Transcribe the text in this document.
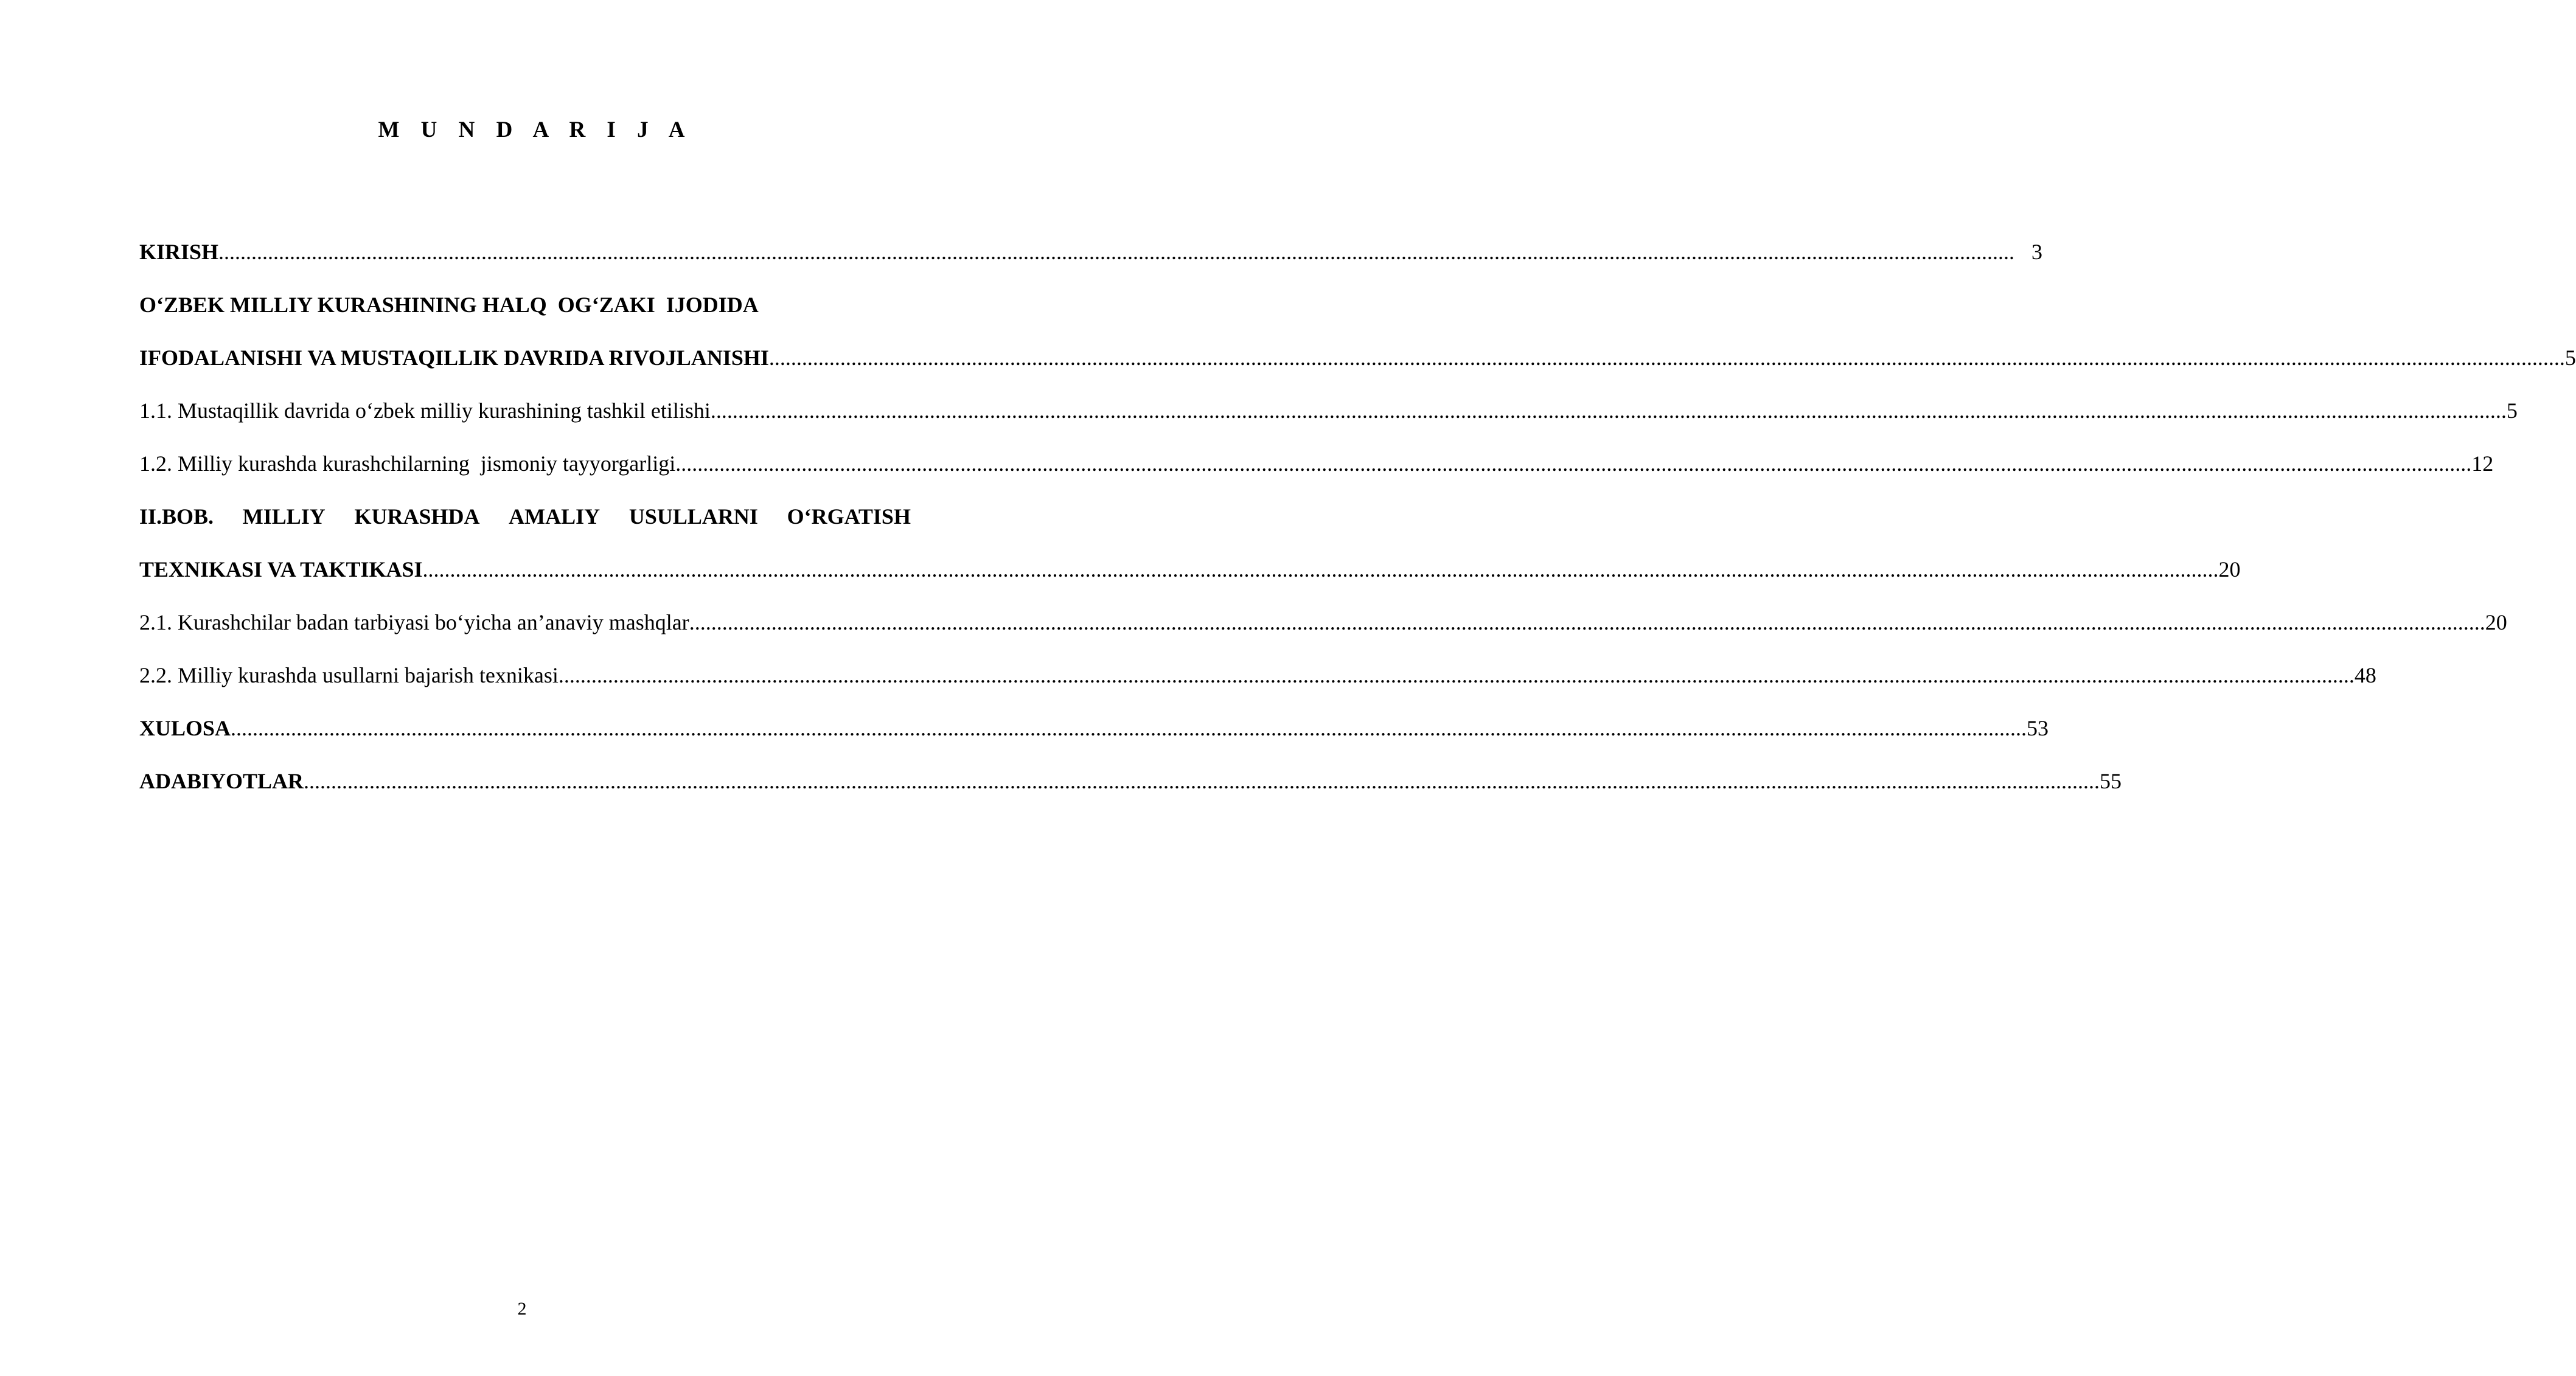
M U N D A R I J A
KIRISH ........................................................................................................................................................................................................................................................................................................................................ 3
O‘ZBEK MILLIY KURASHINING HALQ  OG‘ZAKI  IJODIDA
IFODALANISHI VA MUSTAQILLIK DAVRIDA RIVOJLANISHI ........................................................................................................................................................................................................................................................................................................................................ 5
1.1. Mustaqillik davrida o‘zbek milliy kurashining tashkil etilishi ........................................................................................................................................................................................................................................................................................................................................ 5
1.2. Milliy kurashda kurashchilarning  jismoniy tayyorgarligi ........................................................................................................................................................................................................................................................................................................................................ 12
II.BOB. MILLIY KURASHDA AMALIY USULLARNI O‘RGATISH
TEXNIKASI VA TAKTIKASI ........................................................................................................................................................................................................................................................................................................................................ 20
2.1. Kurashchilar badan tarbiyasi bo‘yicha an’anaviy mashqlar ........................................................................................................................................................................................................................................................................................................................................ 20
2.2. Milliy kurashda usullarni bajarish texnikasi ........................................................................................................................................................................................................................................................................................................................................ 48
XULOSA ........................................................................................................................................................................................................................................................................................................................................ 53
ADABIYOTLAR ........................................................................................................................................................................................................................................................................................................................................ 55
2
